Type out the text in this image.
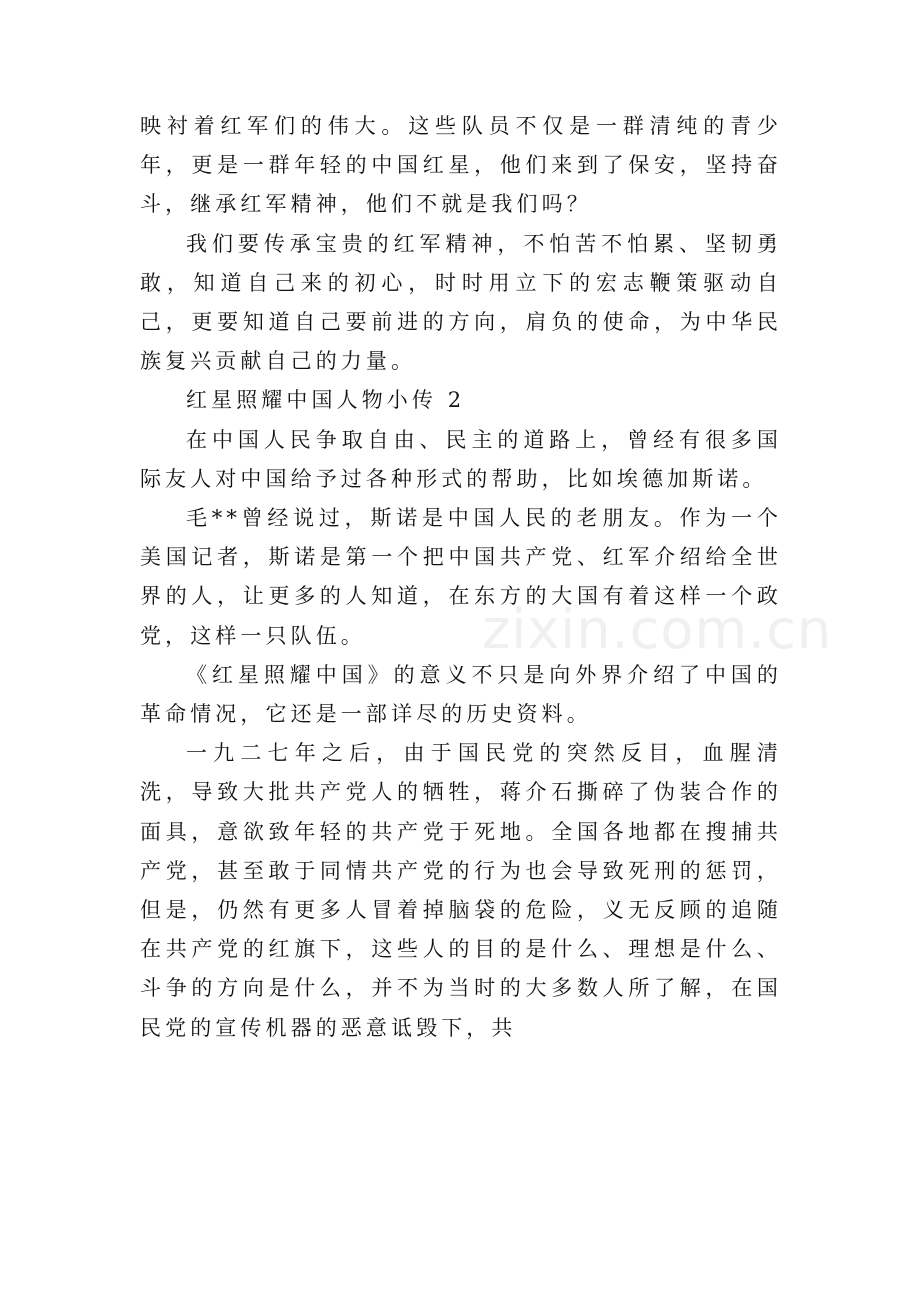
映衬着红军们的伟大。这些队员不仅是一群清纯的青少年，更是一群年轻的中国红星，他们来到了保安，坚持奋斗，继承红军精神，他们不就是我们吗？

我们要传承宝贵的红军精神，不怕苦不怕累、坚韧勇敢，知道自己来的初心，时时用立下的宏志鞭策驱动自己，更要知道自己要前进的方向，肩负的使命，为中华民族复兴贡献自己的力量。

红星照耀中国人物小传 2

在中国人民争取自由、民主的道路上，曾经有很多国际友人对中国给予过各种形式的帮助，比如埃德加斯诺。

毛**曾经说过，斯诺是中国人民的老朋友。作为一个美国记者，斯诺是第一个把中国共产党、红军介绍给全世界的人，让更多的人知道，在东方的大国有着这样一个政党，这样一只队伍。

《红星照耀中国》的意义不只是向外界介绍了中国的革命情况，它还是一部详尽的历史资料。

一九二七年之后，由于国民党的突然反目，血腥清洗，导致大批共产党人的牺牲，蒋介石撕碎了伪装合作的面具，意欲致年轻的共产党于死地。全国各地都在搜捕共产党，甚至敢于同情共产党的行为也会导致死刑的惩罚，但是，仍然有更多人冒着掉脑袋的危险，义无反顾的追随在共产党的红旗下，这些人的目的是什么、理想是什么、斗争的方向是什么，并不为当时的大多数人所了解，在国民党的宣传机器的恶意诋毁下，共

zixin.com.cn
